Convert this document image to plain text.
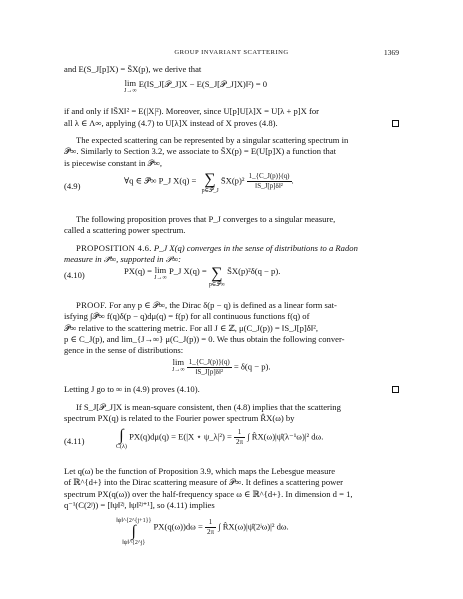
GROUP INVARIANT SCATTERING	1369
and E(S_J[p]X) = S̄X(p), we derive that
lim
J→∞
E(‖S_J[𝒫_J]X − E(S_J[𝒫_J]X)‖²) = 0
if and only if ‖S̄X‖² = E(|X|²). Moreover, since U[p]U[λ]X = U[λ + p]X for
all λ ∈ Λ∞, applying (4.7) to U[λ]X instead of X proves (4.8).

The expected scattering can be represented by a singular scattering spectrum in

𝒫̄∞. Similarly to Section 3.2, we associate to S̄X(p) = E(U[p]X) a function that

is piecewise constant in 𝒫̄∞,

(4.9)
∀q ∈ 𝒫̄∞ P_J X(q) = ∑
p∈𝒫_J
S̄X(p)² $\frac{1\_\{C\_J(p)\}(q)}{\text{‖S\_J[p]δ‖²}}$ .

The following proposition proves that P_J converges to a singular measure,

called a scattering power spectrum.

PROPOSITION 4.6. P_J X(q) converges in the sense of distributions to a Radon

measure in 𝒫̄∞, supported in 𝒫∞:

(4.10)	PX(q) = lim
J→∞
P_J X(q) = ∑
p∈𝒫∞
S̄X(p)²δ(q − p).

PROOF. For any p ∈ 𝒫∞, the Dirac δ(p − q) is defined as a linear form sat-

isfying ∫𝒫̄∞ f(q)δ(p − q)dμ(q) = f(p) for all continuous functions f(q) of

𝒫̄∞ relative to the scattering metric. For all J ∈ ℤ, μ(C_J(p)) = ‖S_J[p]δ‖²,

p ∈ C_J(p), and lim_{J→∞} μ(C_J(p)) = 0. We thus obtain the following conver-

gence in the sense of distributions:

lim
J→∞
$\frac{1\_\{C\_J(p)\}(q)}{\text{‖S\_J[p]δ‖²}} = \delta(q - p)$.
Letting J go to ∞ in (4.9) proves (4.10).

If S_J[𝒫_J]X is mean-square consistent, then (4.8) implies that the scattering

spectrum PX(q) is related to the Fourier power spectrum R̂X(ω) by

(4.11) ∫
C(λ)
PX(q)dμ(q) = E(|X ⋆ ψ_λ|²) = $\frac{1}{2\pi}$ ∫ R̂X(ω)|ψ̂(λ⁻¹ω)|² dω.

Let q(ω) be the function of Proposition 3.9, which maps the Lebesgue measure

of ℝ^{d+} into the Dirac scattering measure of 𝒫∞. It defines a scattering power

spectrum PX(q(ω)) over the half-frequency space ω ∈ ℝ^{d+}. In dimension d = 1,

q⁻¹(C(2ʲ)) = [‖ψ‖²ʲ, ‖ψ‖²ʲ⁺¹], so (4.11) implies

‖ψ‖^{2^{j+1}}
∫
‖ψ‖^{2^j}
$PX(q(\omega))d\omega = \frac{1}{2\pi}$ ∫ R̂X(ω)|ψ̂(2ʲω)|² dω.
